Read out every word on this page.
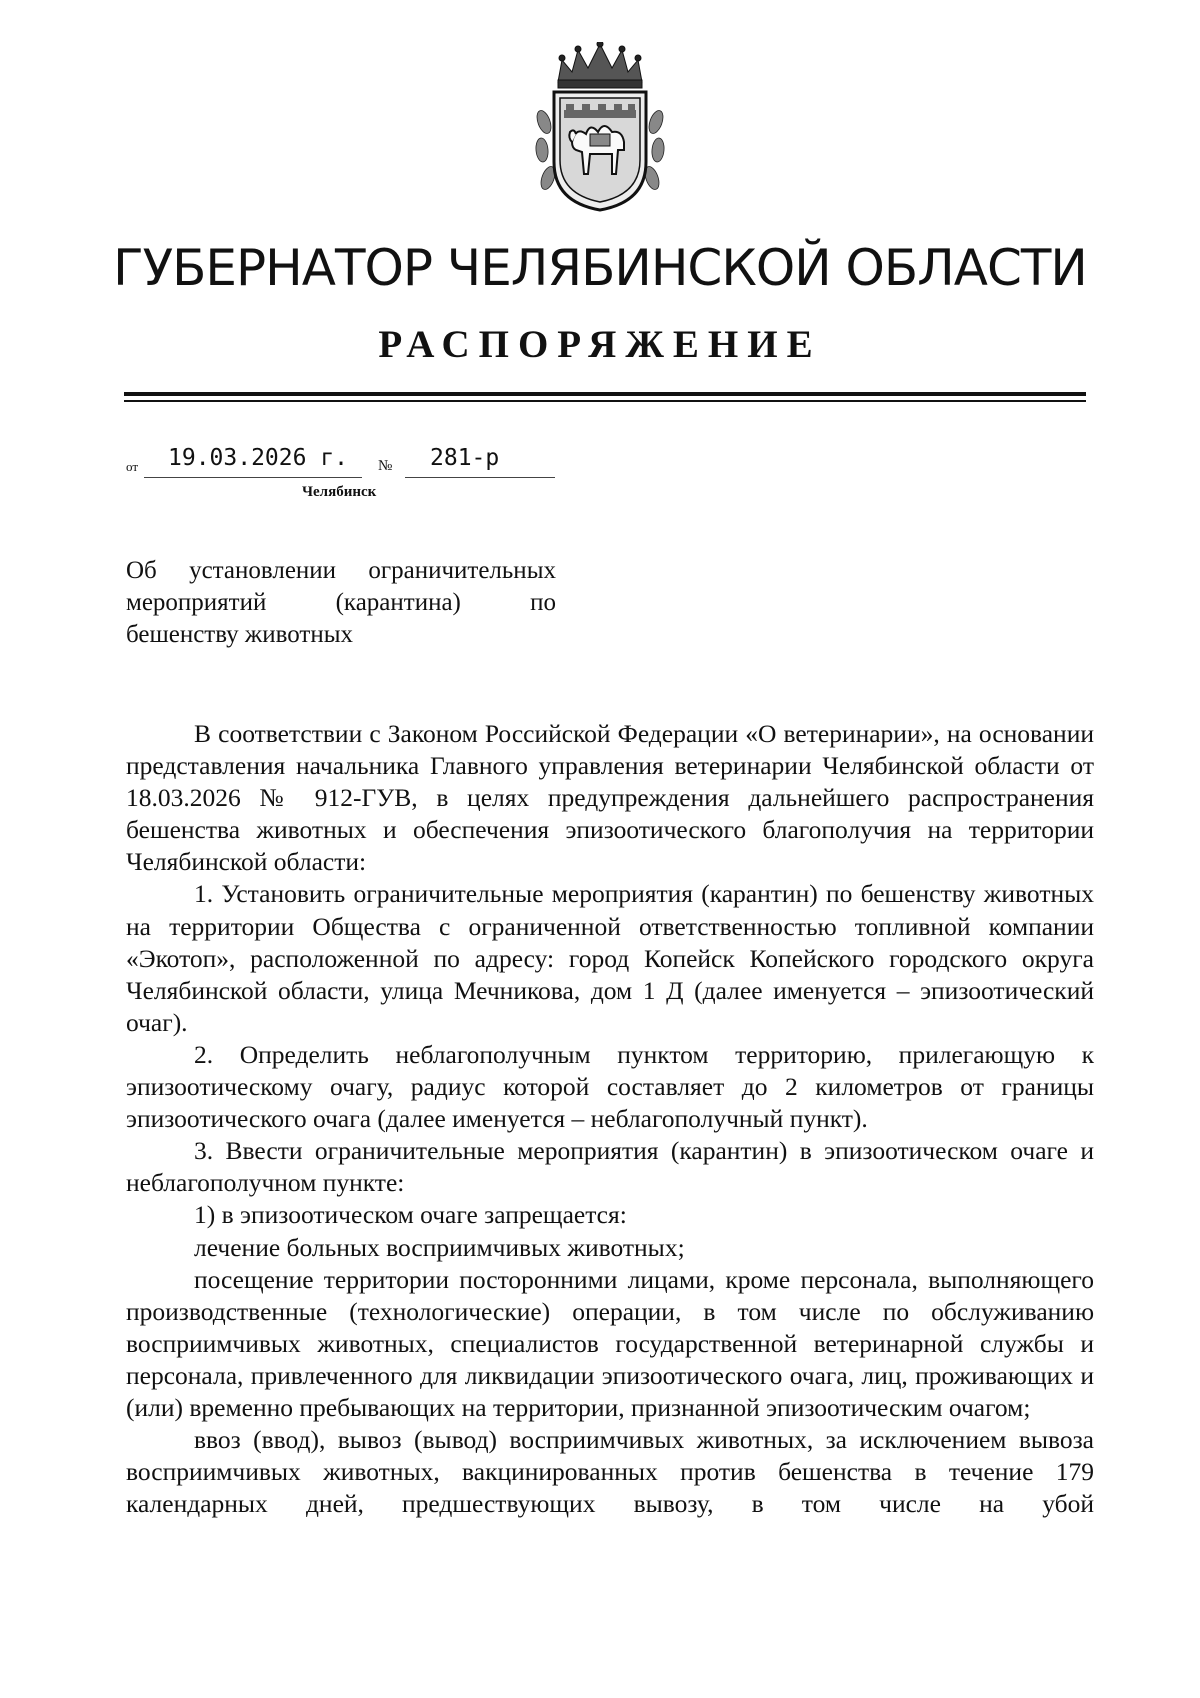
ГУБЕРНАТОР ЧЕЛЯБИНСКОЙ ОБЛАСТИ
РАСПОРЯЖЕНИЕ
от 19.03.2026 г. № 281-р
Челябинск
Об установлении ограничительных
мероприятий (карантина) по
бешенству животных

В соответствии с Законом Российской Федерации «О ветеринарии», на основании представления начальника Главного управления ветеринарии Челябинской области от 18.03.2026 № 912-ГУВ, в целях предупреждения дальнейшего распространения бешенства животных и обеспечения эпизоотического благополучия на территории Челябинской области:

1. Установить ограничительные мероприятия (карантин) по бешенству животных на территории Общества с ограниченной ответственностью топливной компании «Экотоп», расположенной по адресу: город Копейск Копейского городского округа Челябинской области, улица Мечникова, дом 1 Д (далее именуется – эпизоотический очаг).

2. Определить неблагополучным пунктом территорию, прилегающую к эпизоотическому очагу, радиус которой составляет до 2 километров от границы эпизоотического очага (далее именуется – неблагополучный пункт).

3. Ввести ограничительные мероприятия (карантин) в эпизоотическом очаге и неблагополучном пункте:

1) в эпизоотическом очаге запрещается:

лечение больных восприимчивых животных;

посещение территории посторонними лицами, кроме персонала, выполняющего производственные (технологические) операции, в том числе по обслуживанию восприимчивых животных, специалистов государственной ветеринарной службы и персонала, привлеченного для ликвидации эпизоотического очага, лиц, проживающих и (или) временно пребывающих на территории, признанной эпизоотическим очагом;

ввоз (ввод), вывоз (вывод) восприимчивых животных, за исключением вывоза восприимчивых животных, вакцинированных против бешенства в течение 179 календарных дней, предшествующих вывозу, в том числе на убой
